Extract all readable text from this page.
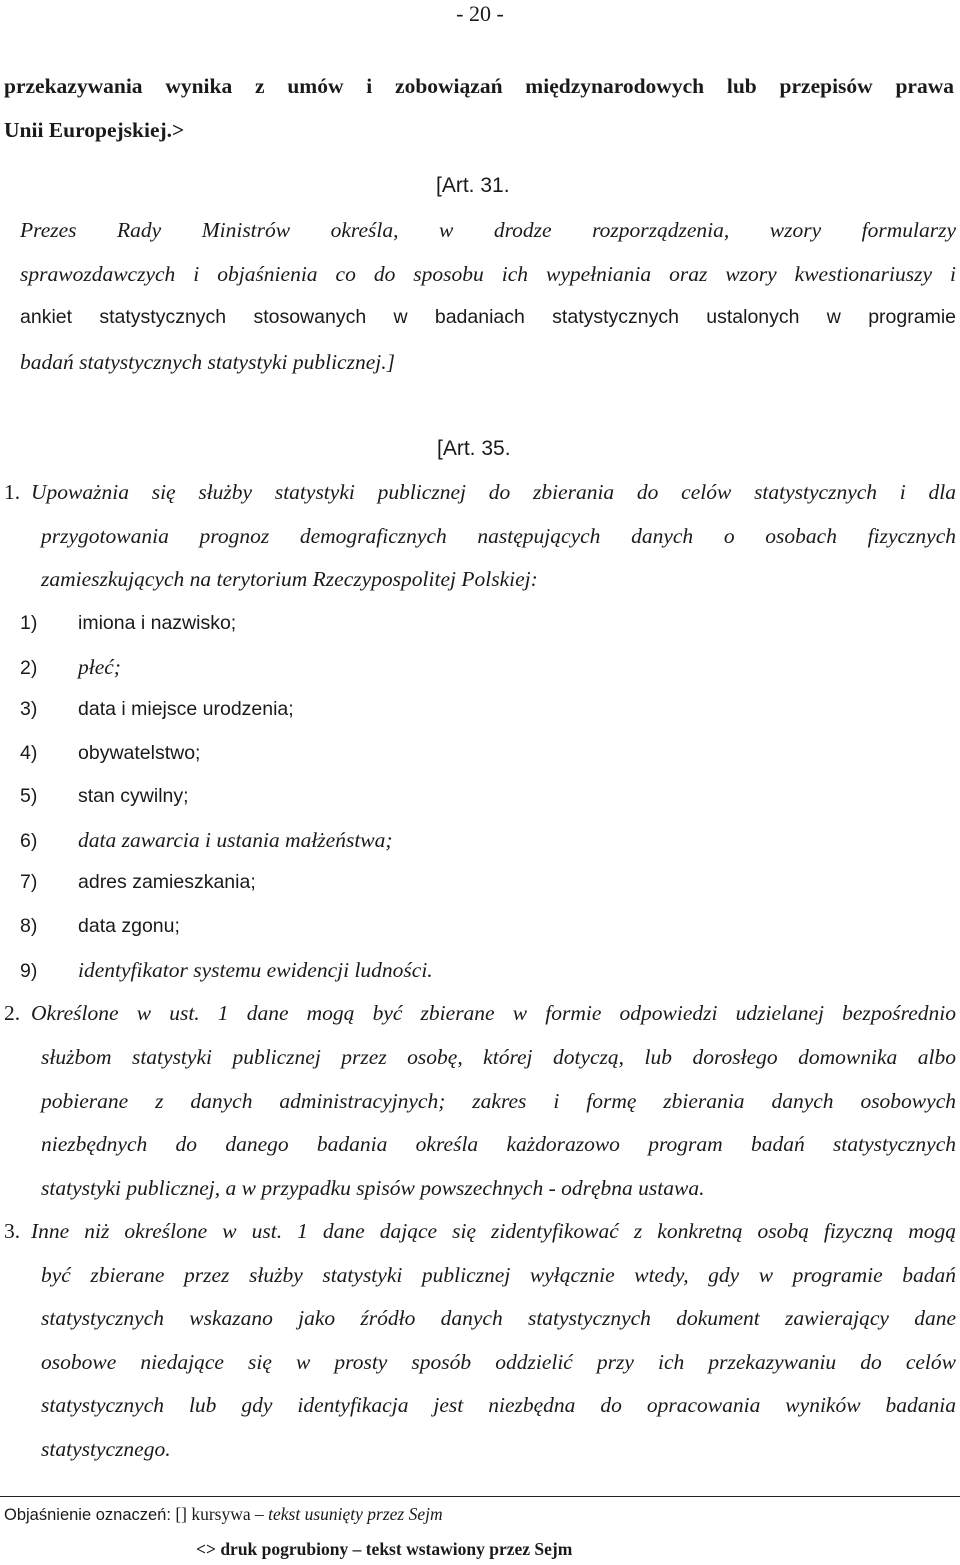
- 20 -
przekazywania wynika z umów i zobowiązań międzynarodowych lub przepisów prawa
Unii Europejskiej.>
[Art. 31.
Prezes Rady Ministrów określa, w drodze rozporządzenia, wzory formularzy
sprawozdawczych i objaśnienia co do sposobu ich wypełniania oraz wzory kwestionariuszy i
ankiet statystycznych stosowanych w badaniach statystycznych ustalonych w programie
badań statystycznych statystyki publicznej.]
[Art. 35.
1. Upoważnia się służby statystyki publicznej do zbierania do celów statystycznych i dla
przygotowania prognoz demograficznych następujących danych o osobach fizycznych
zamieszkujących na terytorium Rzeczypospolitej Polskiej:
1) imiona i nazwisko;
2) płeć;
3) data i miejsce urodzenia;
4) obywatelstwo;
5) stan cywilny;
6) data zawarcia i ustania małżeństwa;
7) adres zamieszkania;
8) data zgonu;
9) identyfikator systemu ewidencji ludności.
2. Określone w ust. 1 dane mogą być zbierane w formie odpowiedzi udzielanej bezpośrednio
służbom statystyki publicznej przez osobę, której dotyczą, lub dorosłego domownika albo
pobierane z danych administracyjnych; zakres i formę zbierania danych osobowych
niezbędnych do danego badania określa każdorazowo program badań statystycznych
statystyki publicznej, a w przypadku spisów powszechnych - odrębna ustawa.
3. Inne niż określone w ust. 1 dane dające się zidentyfikować z konkretną osobą fizyczną mogą
być zbierane przez służby statystyki publicznej wyłącznie wtedy, gdy w programie badań
statystycznych wskazano jako źródło danych statystycznych dokument zawierający dane
osobowe niedające się w prosty sposób oddzielić przy ich przekazywaniu do celów
statystycznych lub gdy identyfikacja jest niezbędna do opracowania wyników badania
statystycznego.
Objaśnienie oznaczeń: [] kursywa – tekst usunięty przez Sejm
<> druk pogrubiony – tekst wstawiony przez Sejm
